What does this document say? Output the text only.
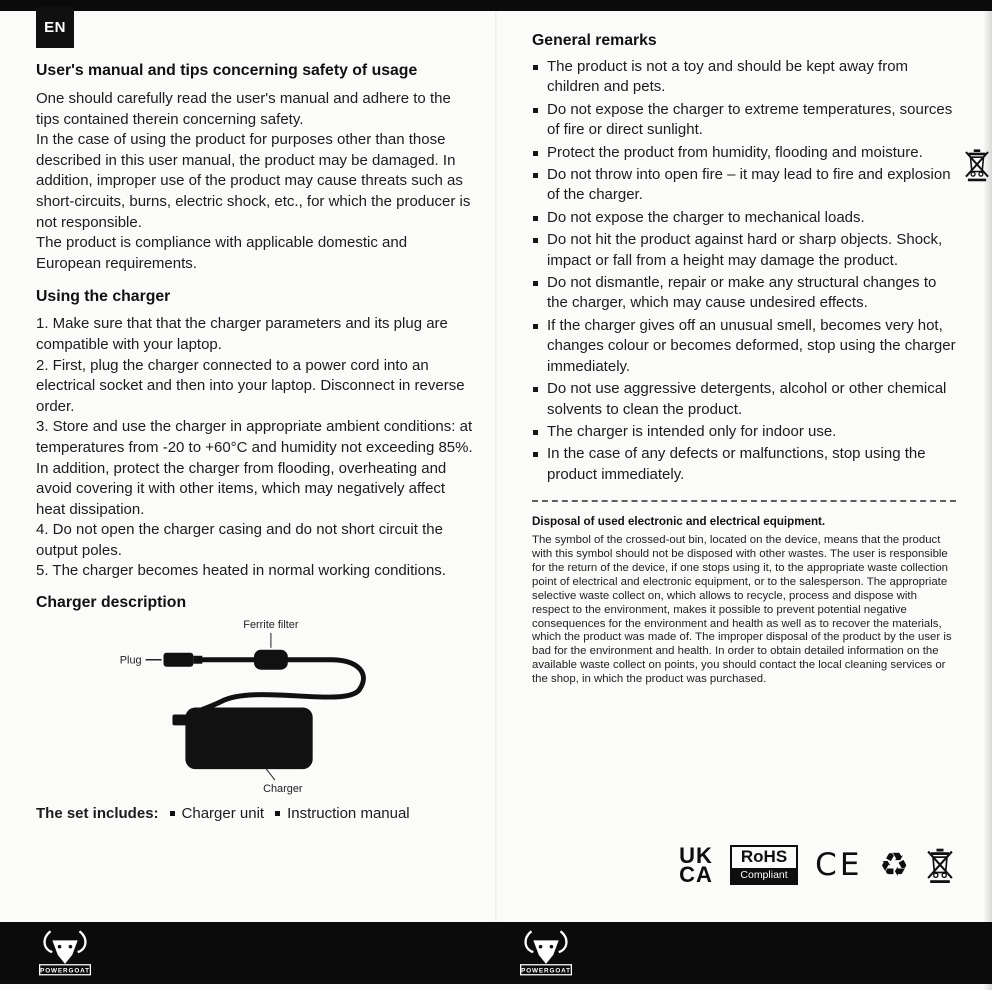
EN
User's manual and tips concerning safety of usage

One should carefully read the user's manual and adhere to the tips contained therein concerning safety.

In the case of using the product for purposes other than those described in this user manual, the product may be damaged. In addition, improper use of the product may cause threats such as short-circuits, burns, electric shock, etc., for which the producer is not responsible.

The product is compliance with applicable domestic and European requirements.

Using the charger

1. Make sure that that the charger parameters and its plug are compatible with your laptop.

2. First, plug the charger connected to a power cord into an electrical socket and then into your laptop. Disconnect in reverse order.

3. Store and use the charger in appropriate ambient conditions: at temperatures from -20 to +60°C and humidity not exceeding 85%. In addition, protect the charger from flooding, overheating and avoid covering it with other items, which may negatively affect heat dissipation.

4. Do not open the charger casing and do not short circuit the output poles.

5. The charger becomes heated in normal working conditions.

Charger description
Ferrite filter
Plug
Charger
The set includes: Charger unit Instruction manual
General remarks
The product is not a toy and should be kept away from children and pets.
Do not expose the charger to extreme temperatures, sources of fire or direct sunlight.
Protect the product from humidity, flooding and moisture.
Do not throw into open fire – it may lead to fire and explosion of the charger.
Do not expose the charger to mechanical loads.
Do not hit the product against hard or sharp objects. Shock, impact or fall from a height may damage the product.
Do not dismantle, repair or make any structural changes to the charger, which may cause undesired effects.
If the charger gives off an unusual smell, becomes very hot, changes colour or becomes deformed, stop using the charger immediately.
Do not use aggressive detergents, alcohol or other chemical solvents to clean the product.
The charger is intended only for indoor use.
In the case of any defects or malfunctions, stop using the product immediately.
Disposal of used electronic and electrical equipment.

The symbol of the crossed-out bin, located on the device, means that the product with this symbol should not be disposed with other wastes. The user is responsible for the return of the device, if one stops using it, to the appropriate waste collection point of electrical and electronic equipment, or to the salesperson. The appropriate selective waste collect on, which allows to recycle, process and dispose with respect to the environment, makes it possible to prevent potential negative consequences for the environment and health as well as to recover the materials, which the product was made of. The improper disposal of the product by the user is bad for the environment and health. In order to obtain detailed information on the available waste collect on points, you should contact the local cleaning services or the shop, in which the product was purchased.

UK
CA
RoHS
Compliant CE ♻
POWERGOAT	POWERGOAT
